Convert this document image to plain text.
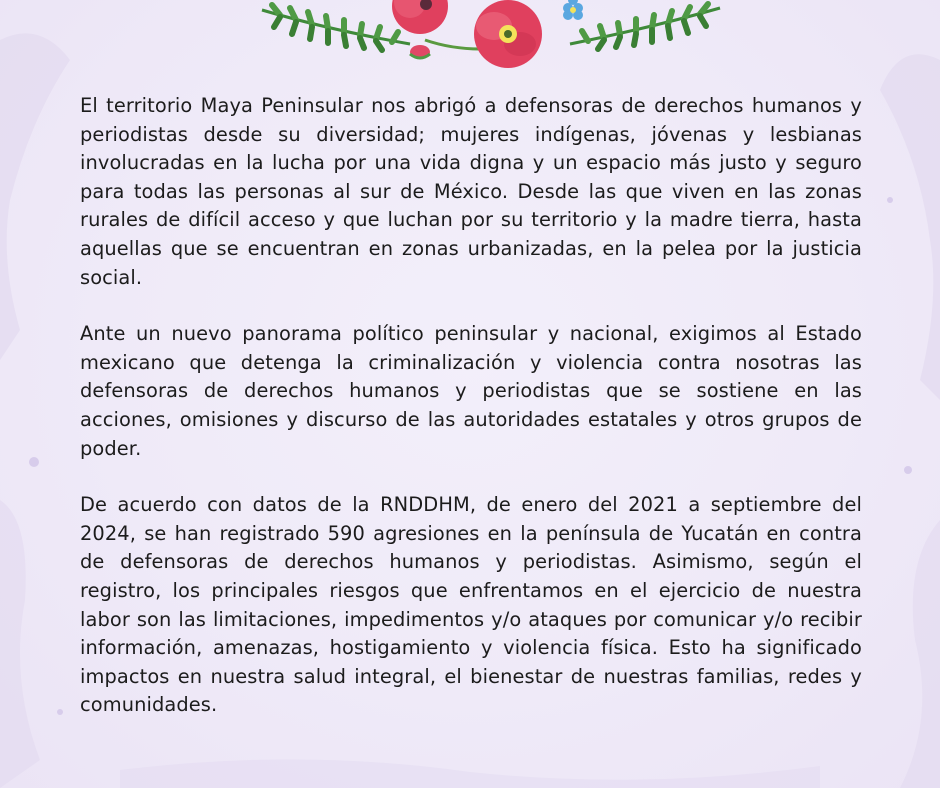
El territorio Maya Peninsular nos abrigó a defensoras de derechos humanos y periodistas desde su diversidad; mujeres indígenas, jóvenas y lesbianas involucradas en la lucha por una vida digna y un espacio más justo y seguro para todas las personas al sur de México. Desde las que viven en las zonas rurales de difícil acceso y que luchan por su territorio y la madre tierra, hasta aquellas que se encuentran en zonas urbanizadas, en la pelea por la justicia social.

Ante un nuevo panorama político peninsular y nacional, exigimos al Estado mexicano que detenga la criminalización y violencia contra nosotras las defensoras de derechos humanos y periodistas que se sostiene en las acciones, omisiones y discurso de las autoridades estatales y otros grupos de poder.

De acuerdo con datos de la RNDDHM, de enero del 2021 a septiembre del 2024, se han registrado 590 agresiones en la península de Yucatán en contra de defensoras de derechos humanos y periodistas. Asimismo, según el registro, los principales riesgos que enfrentamos en el ejercicio de nuestra labor son las limitaciones, impedimentos y/o ataques por comunicar y/o recibir información, amenazas, hostigamiento y violencia física. Esto ha significado impactos en nuestra salud integral, el bienestar de nuestras familias, redes y comunidades.
